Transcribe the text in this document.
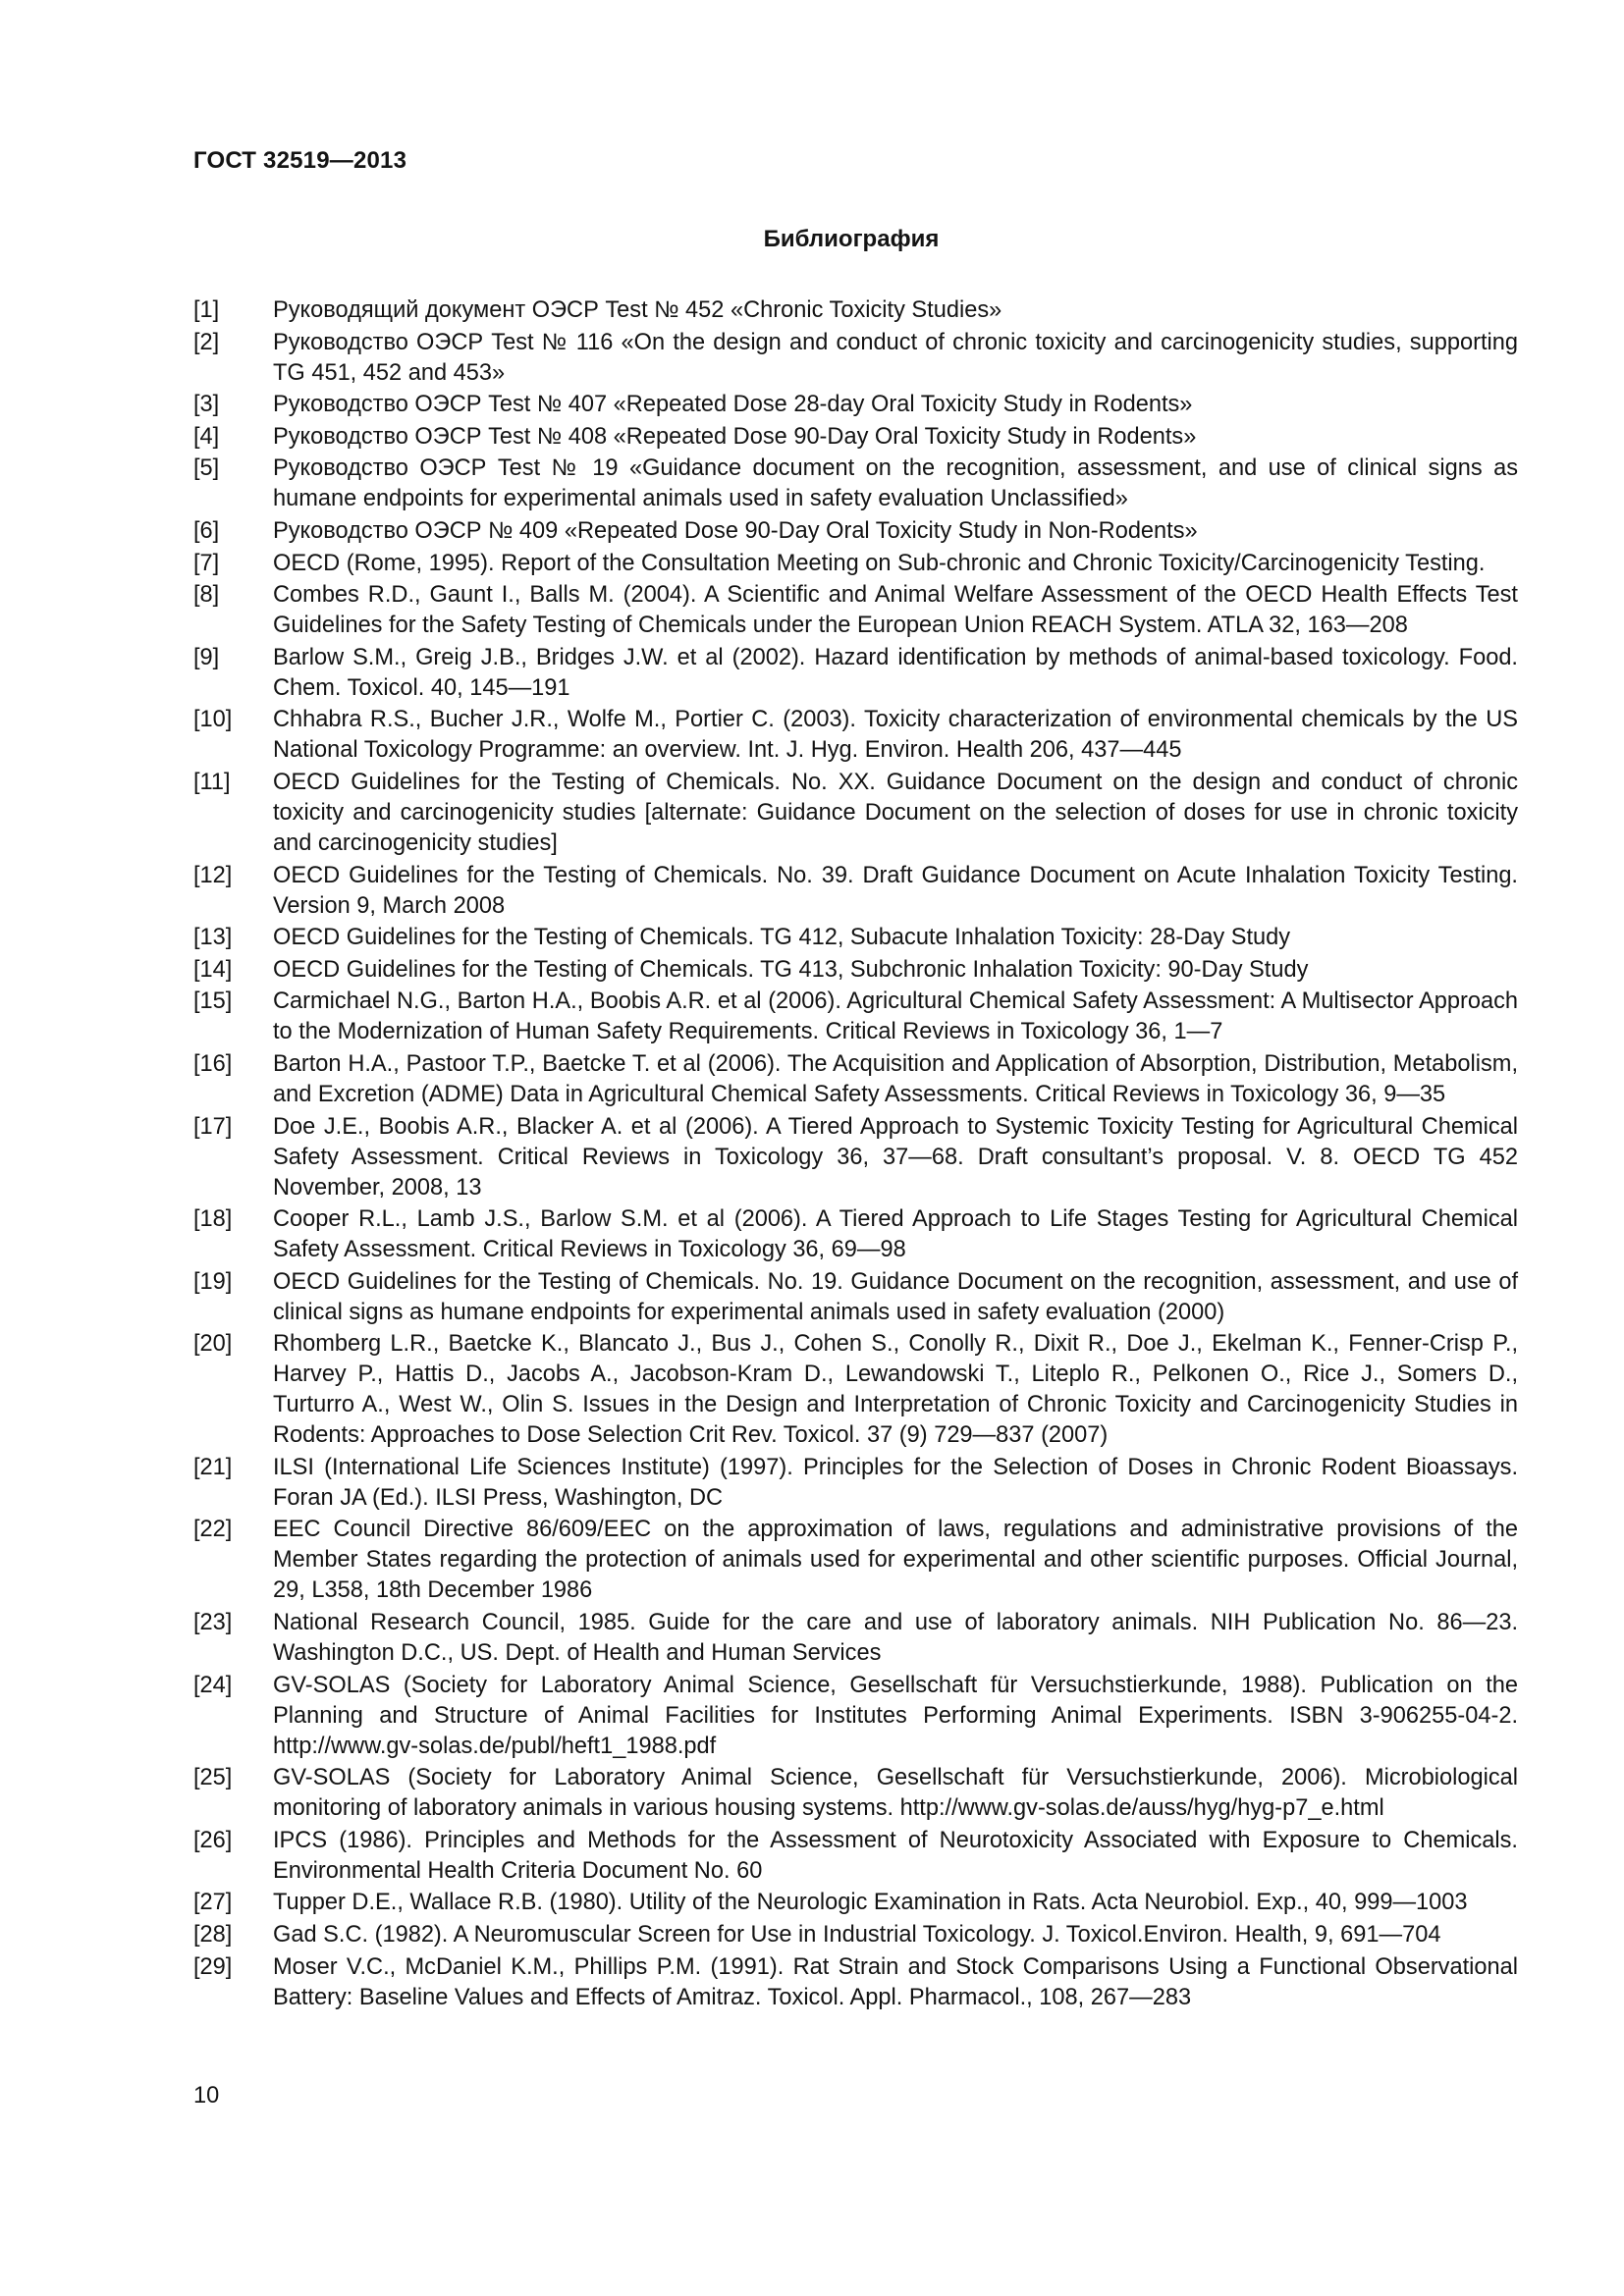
ГОСТ 32519—2013
Библиография
[1]	Руководящий документ ОЭСР Test № 452 «Chronic Toxicity Studies»
[2]	Руководство ОЭСР Test № 116 «On the design and conduct of chronic toxicity and carcinogenicity studies, supporting TG 451, 452 and 453»
[3]	Руководство ОЭСР Test № 407 «Repeated Dose 28-day Oral Toxicity Study in Rodents»
[4]	Руководство ОЭСР Test № 408 «Repeated Dose 90-Day Oral Toxicity Study in Rodents»
[5]	Руководство ОЭСР Test № 19 «Guidance document on the recognition, assessment, and use of clinical signs as humane endpoints for experimental animals used in safety evaluation Unclassified»
[6]	Руководство ОЭСР № 409 «Repeated Dose 90-Day Oral Toxicity Study in Non-Rodents»
[7]	OECD (Rome, 1995). Report of the Consultation Meeting on Sub-chronic and Chronic Toxicity/Carcinogenicity Testing.
[8]	Combes R.D., Gaunt I., Balls M. (2004). A Scientific and Animal Welfare Assessment of the OECD Health Effects Test Guidelines for the Safety Testing of Chemicals under the European Union REACH System. ATLA 32, 163—208
[9]	Barlow S.M., Greig J.B., Bridges J.W. et al (2002). Hazard identification by methods of animal-based toxicology. Food. Chem. Toxicol. 40, 145—191
[10]	Chhabra R.S., Bucher J.R., Wolfe M., Portier C. (2003). Toxicity characterization of environmental chemicals by the US National Toxicology Programme: an overview. Int. J. Hyg. Environ. Health 206, 437—445
[11]	OECD Guidelines for the Testing of Chemicals. No. XX. Guidance Document on the design and conduct of chronic toxicity and carcinogenicity studies [alternate: Guidance Document on the selection of doses for use in chronic toxicity and carcinogenicity studies]
[12]	OECD Guidelines for the Testing of Chemicals. No. 39. Draft Guidance Document on Acute Inhalation Toxicity Testing. Version 9, March 2008
[13]	OECD Guidelines for the Testing of Chemicals. TG 412, Subacute Inhalation Toxicity: 28-Day Study
[14]	OECD Guidelines for the Testing of Chemicals. TG 413, Subchronic Inhalation Toxicity: 90-Day Study
[15]	Carmichael N.G., Barton H.A., Boobis A.R. et al (2006). Agricultural Chemical Safety Assessment: A Multisector Approach to the Modernization of Human Safety Requirements. Critical Reviews in Toxicology 36, 1—7
[16]	Barton H.A., Pastoor T.P., Baetcke T. et al (2006). The Acquisition and Application of Absorption, Distribution, Metabolism, and Excretion (ADME) Data in Agricultural Chemical Safety Assessments. Critical Reviews in Toxicology 36, 9—35
[17]	Doe J.E., Boobis A.R., Blacker A. et al (2006). A Tiered Approach to Systemic Toxicity Testing for Agricultural Chemical Safety Assessment. Critical Reviews in Toxicology 36, 37—68. Draft consultant’s proposal. V. 8. OECD TG 452 November, 2008, 13
[18]	Cooper R.L., Lamb J.S., Barlow S.M. et al (2006). A Tiered Approach to Life Stages Testing for Agricultural Chemical Safety Assessment. Critical Reviews in Toxicology 36, 69—98
[19]	OECD Guidelines for the Testing of Chemicals. No. 19. Guidance Document on the recognition, assessment, and use of clinical signs as humane endpoints for experimental animals used in safety evaluation (2000)
[20]	Rhomberg L.R., Baetcke K., Blancato J., Bus J., Cohen S., Conolly R., Dixit R., Doe J., Ekelman K., Fenner-Crisp P., Harvey P., Hattis D., Jacobs A., Jacobson-Kram D., Lewandowski T., Liteplo R., Pelkonen O., Rice J., Somers D., Turturro A., West W., Olin S. Issues in the Design and Interpretation of Chronic Toxicity and Carcinogenicity Studies in Rodents: Approaches to Dose Selection Crit Rev. Toxicol. 37 (9) 729—837 (2007)
[21]	ILSI (International Life Sciences Institute) (1997). Principles for the Selection of Doses in Chronic Rodent Bioassays. Foran JA (Ed.). ILSI Press, Washington, DC
[22]	EEC Council Directive 86/609/EEC on the approximation of laws, regulations and administrative provisions of the Member States regarding the protection of animals used for experimental and other scientific purposes. Official Journal, 29, L358, 18th December 1986
[23]	National Research Council, 1985. Guide for the care and use of laboratory animals. NIH Publication No. 86—23. Washington D.C., US. Dept. of Health and Human Services
[24]	GV-SOLAS (Society for Laboratory Animal Science, Gesellschaft für Versuchstierkunde, 1988). Publication on the Planning and Structure of Animal Facilities for Institutes Performing Animal Experiments. ISBN 3-906255-04-2. http://www.gv-solas.de/publ/heft1_1988.pdf
[25]	GV-SOLAS (Society for Laboratory Animal Science, Gesellschaft für Versuchstierkunde, 2006). Microbiological monitoring of laboratory animals in various housing systems. http://www.gv-solas.de/auss/hyg/hyg-p7_e.html
[26]	IPCS (1986). Principles and Methods for the Assessment of Neurotoxicity Associated with Exposure to Chemicals. Environmental Health Criteria Document No. 60
[27]	Tupper D.E., Wallace R.B. (1980). Utility of the Neurologic Examination in Rats. Acta Neurobiol. Exp., 40, 999—1003
[28]	Gad S.C. (1982). A Neuromuscular Screen for Use in Industrial Toxicology. J. Toxicol.Environ. Health, 9, 691—704
[29]	Moser V.C., McDaniel K.M., Phillips P.M. (1991). Rat Strain and Stock Comparisons Using a Functional Observational Battery: Baseline Values and Effects of Amitraz. Toxicol. Appl. Pharmacol., 108, 267—283
10
